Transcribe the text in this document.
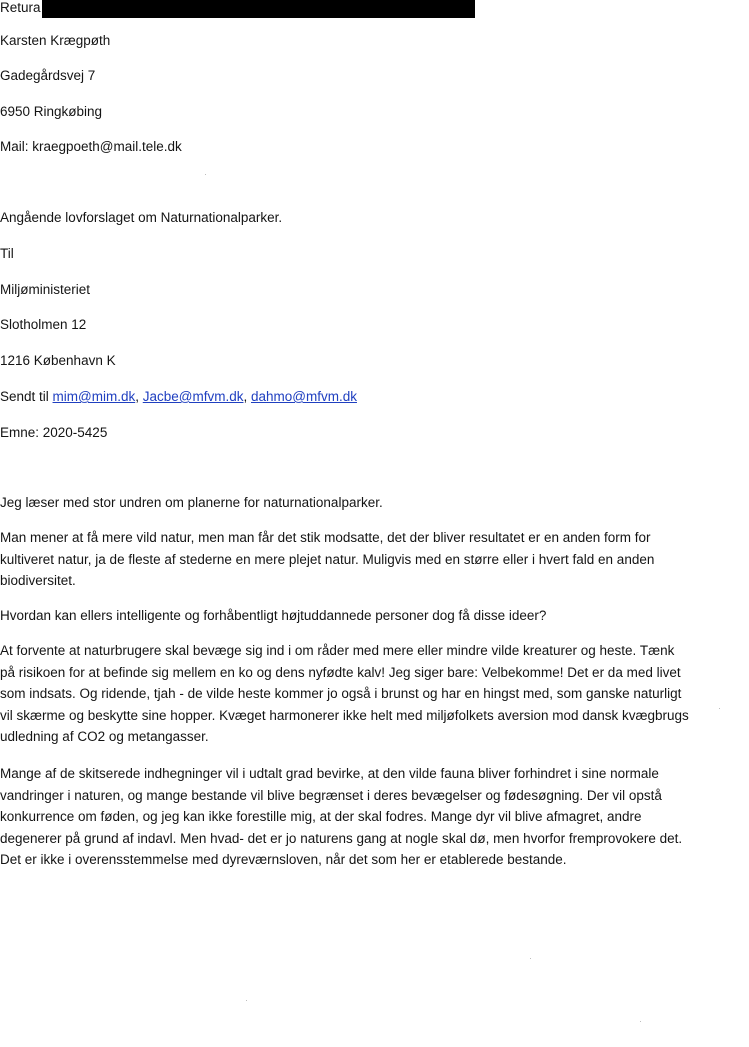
Retura
Karsten Krægpøth
Gadegårdsvej 7
6950 Ringkøbing
Mail: kraegpoeth@mail.tele.dk
Angående lovforslaget om Naturnationalparker.
Til
Miljøministeriet
Slotholmen 12
1216 København K
Sendt til mim@mim.dk, Jacbe@mfvm.dk, dahmo@mfvm.dk
Emne: 2020-5425
Jeg læser med stor undren om planerne for naturnationalparker.
Man mener at få mere vild natur, men man får det stik modsatte, det der bliver resultatet er en anden form for kultiveret natur, ja de fleste af stederne en mere plejet natur. Muligvis med en større eller i hvert fald en anden biodiversitet.
Hvordan kan ellers intelligente og forhåbentligt højtuddannede personer dog få disse ideer?
At forvente at naturbrugere skal bevæge sig ind i om råder med mere eller mindre vilde kreaturer og heste. Tænk på risikoen for at befinde sig mellem en ko og dens nyfødte kalv! Jeg siger bare: Velbekomme! Det er da med livet som indsats. Og ridende, tjah - de vilde heste kommer jo også i brunst og har en hingst med, som ganske naturligt vil skærme og beskytte sine hopper. Kvæget harmonerer ikke helt med miljøfolkets aversion mod dansk kvægbrugs udledning af CO2 og metangasser.
Mange af de skitserede indhegninger vil i udtalt grad bevirke, at den vilde fauna bliver forhindret i sine normale vandringer i naturen, og mange bestande vil blive begrænset i deres bevægelser og fødesøgning. Der vil opstå konkurrence om føden, og jeg kan ikke forestille mig, at der skal fodres. Mange dyr vil blive afmagret, andre degenerer på grund af indavl. Men hvad- det er jo naturens gang at nogle skal dø, men hvorfor fremprovokere det. Det er ikke i overensstemmelse med dyreværnsloven, når det som her er etablerede bestande.
